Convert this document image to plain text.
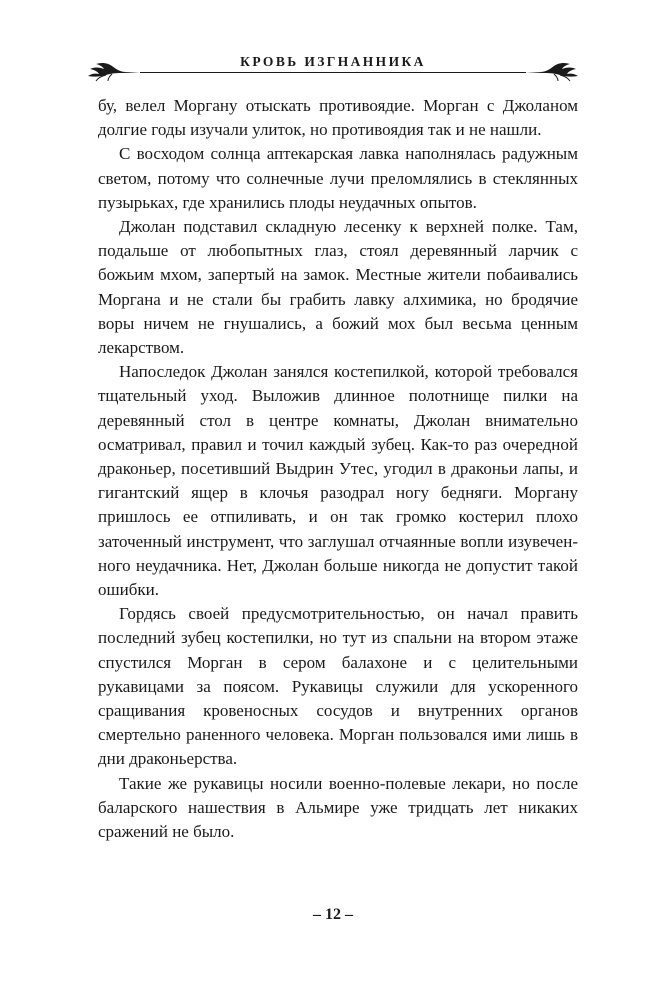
КРОВЬ ИЗГНАННИКА

бу, велел Моргану отыскать противоядие. Морган с Джоланом долгие годы изучали улиток, но противоядия так и не нашли.

С восходом солнца аптекарская лавка наполнялась радужным светом, потому что солнечные лучи преломлялись в стеклянных пузырьках, где хранились плоды неудачных опытов.

Джолан подставил складную лесенку к верхней полке. Там, подальше от любопытных глаз, стоял деревянный ларчик с божьим мхом, запертый на замок. Местные жители побаивались Моргана и не стали бы грабить лавку алхимика, но бродячие воры ничем не гнушались, а божий мох был весьма ценным лекарством.

Напоследок Джолан занялся костепилкой, которой требовался тщательный уход. Выложив длинное полотнище пилки на деревянный стол в центре комнаты, Джолан внимательно осматривал, правил и точил каждый зубец. Как-то раз очередной драконьер, посетивший Выдрин Утес, угодил в драконьи лапы, и гигантский ящер в клочья разодрал ногу бедняги. Моргану пришлось ее отпиливать, и он так громко костерил плохо заточенный инструмент, что заглушал отчаянные вопли изувеченного неудачника. Нет, Джолан больше никогда не допустит такой ошибки.

Гордясь своей предусмотрительностью, он начал править последний зубец костепилки, но тут из спальни на втором этаже спустился Морган в сером балахоне и с целительными рукавицами за поясом. Рукавицы служили для ускоренного сращивания кровеносных сосудов и внутренних органов смертельно раненного человека. Морган пользовался ими лишь в дни драконьерства.

Такие же рукавицы носили военно-полевые лекари, но после баларского нашествия в Альмире уже тридцать лет никаких сражений не было.

– 12 –
